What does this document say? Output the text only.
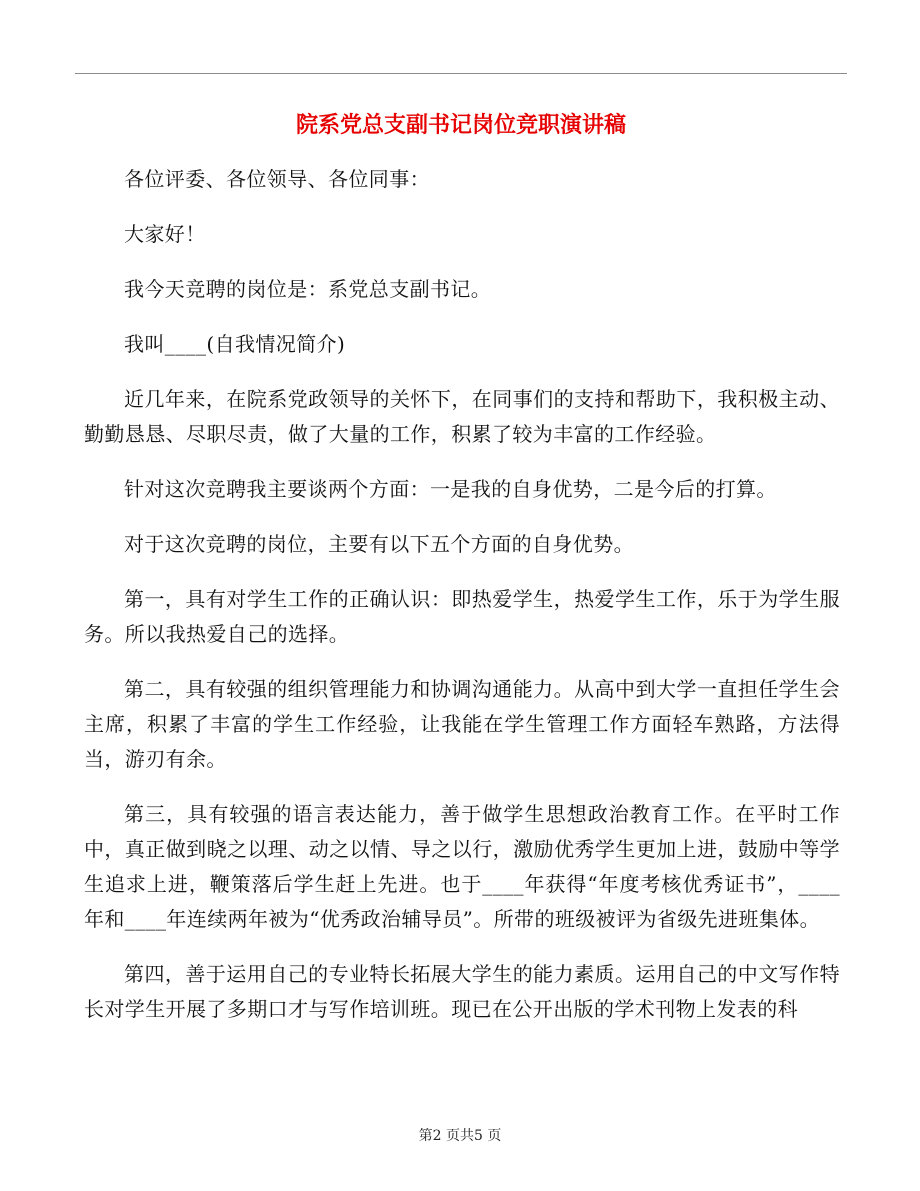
院系党总支副书记岗位竞职演讲稿

各位评委、各位领导、各位同事：

大家好！

我今天竞聘的岗位是：系党总支副书记。

我叫____(自我情况简介)

近几年来，在院系党政领导的关怀下，在同事们的支持和帮助下，我积极主动、勤勤恳恳、尽职尽责，做了大量的工作，积累了较为丰富的工作经验。

针对这次竞聘我主要谈两个方面：一是我的自身优势，二是今后的打算。

对于这次竞聘的岗位，主要有以下五个方面的自身优势。

第一，具有对学生工作的正确认识：即热爱学生，热爱学生工作，乐于为学生服务。所以我热爱自己的选择。

第二，具有较强的组织管理能力和协调沟通能力。从高中到大学一直担任学生会主席，积累了丰富的学生工作经验，让我能在学生管理工作方面轻车熟路，方法得当，游刃有余。

第三，具有较强的语言表达能力，善于做学生思想政治教育工作。在平时工作中，真正做到晓之以理、动之以情、导之以行，激励优秀学生更加上进，鼓励中等学生追求上进，鞭策落后学生赶上先进。也于____年获得“年度考核优秀证书”，____年和____年连续两年被为“优秀政治辅导员”。所带的班级被评为省级先进班集体。

第四，善于运用自己的专业特长拓展大学生的能力素质。运用自己的中文写作特长对学生开展了多期口才与写作培训班。现已在公开出版的学术刊物上发表的科

第2 页共5 页
